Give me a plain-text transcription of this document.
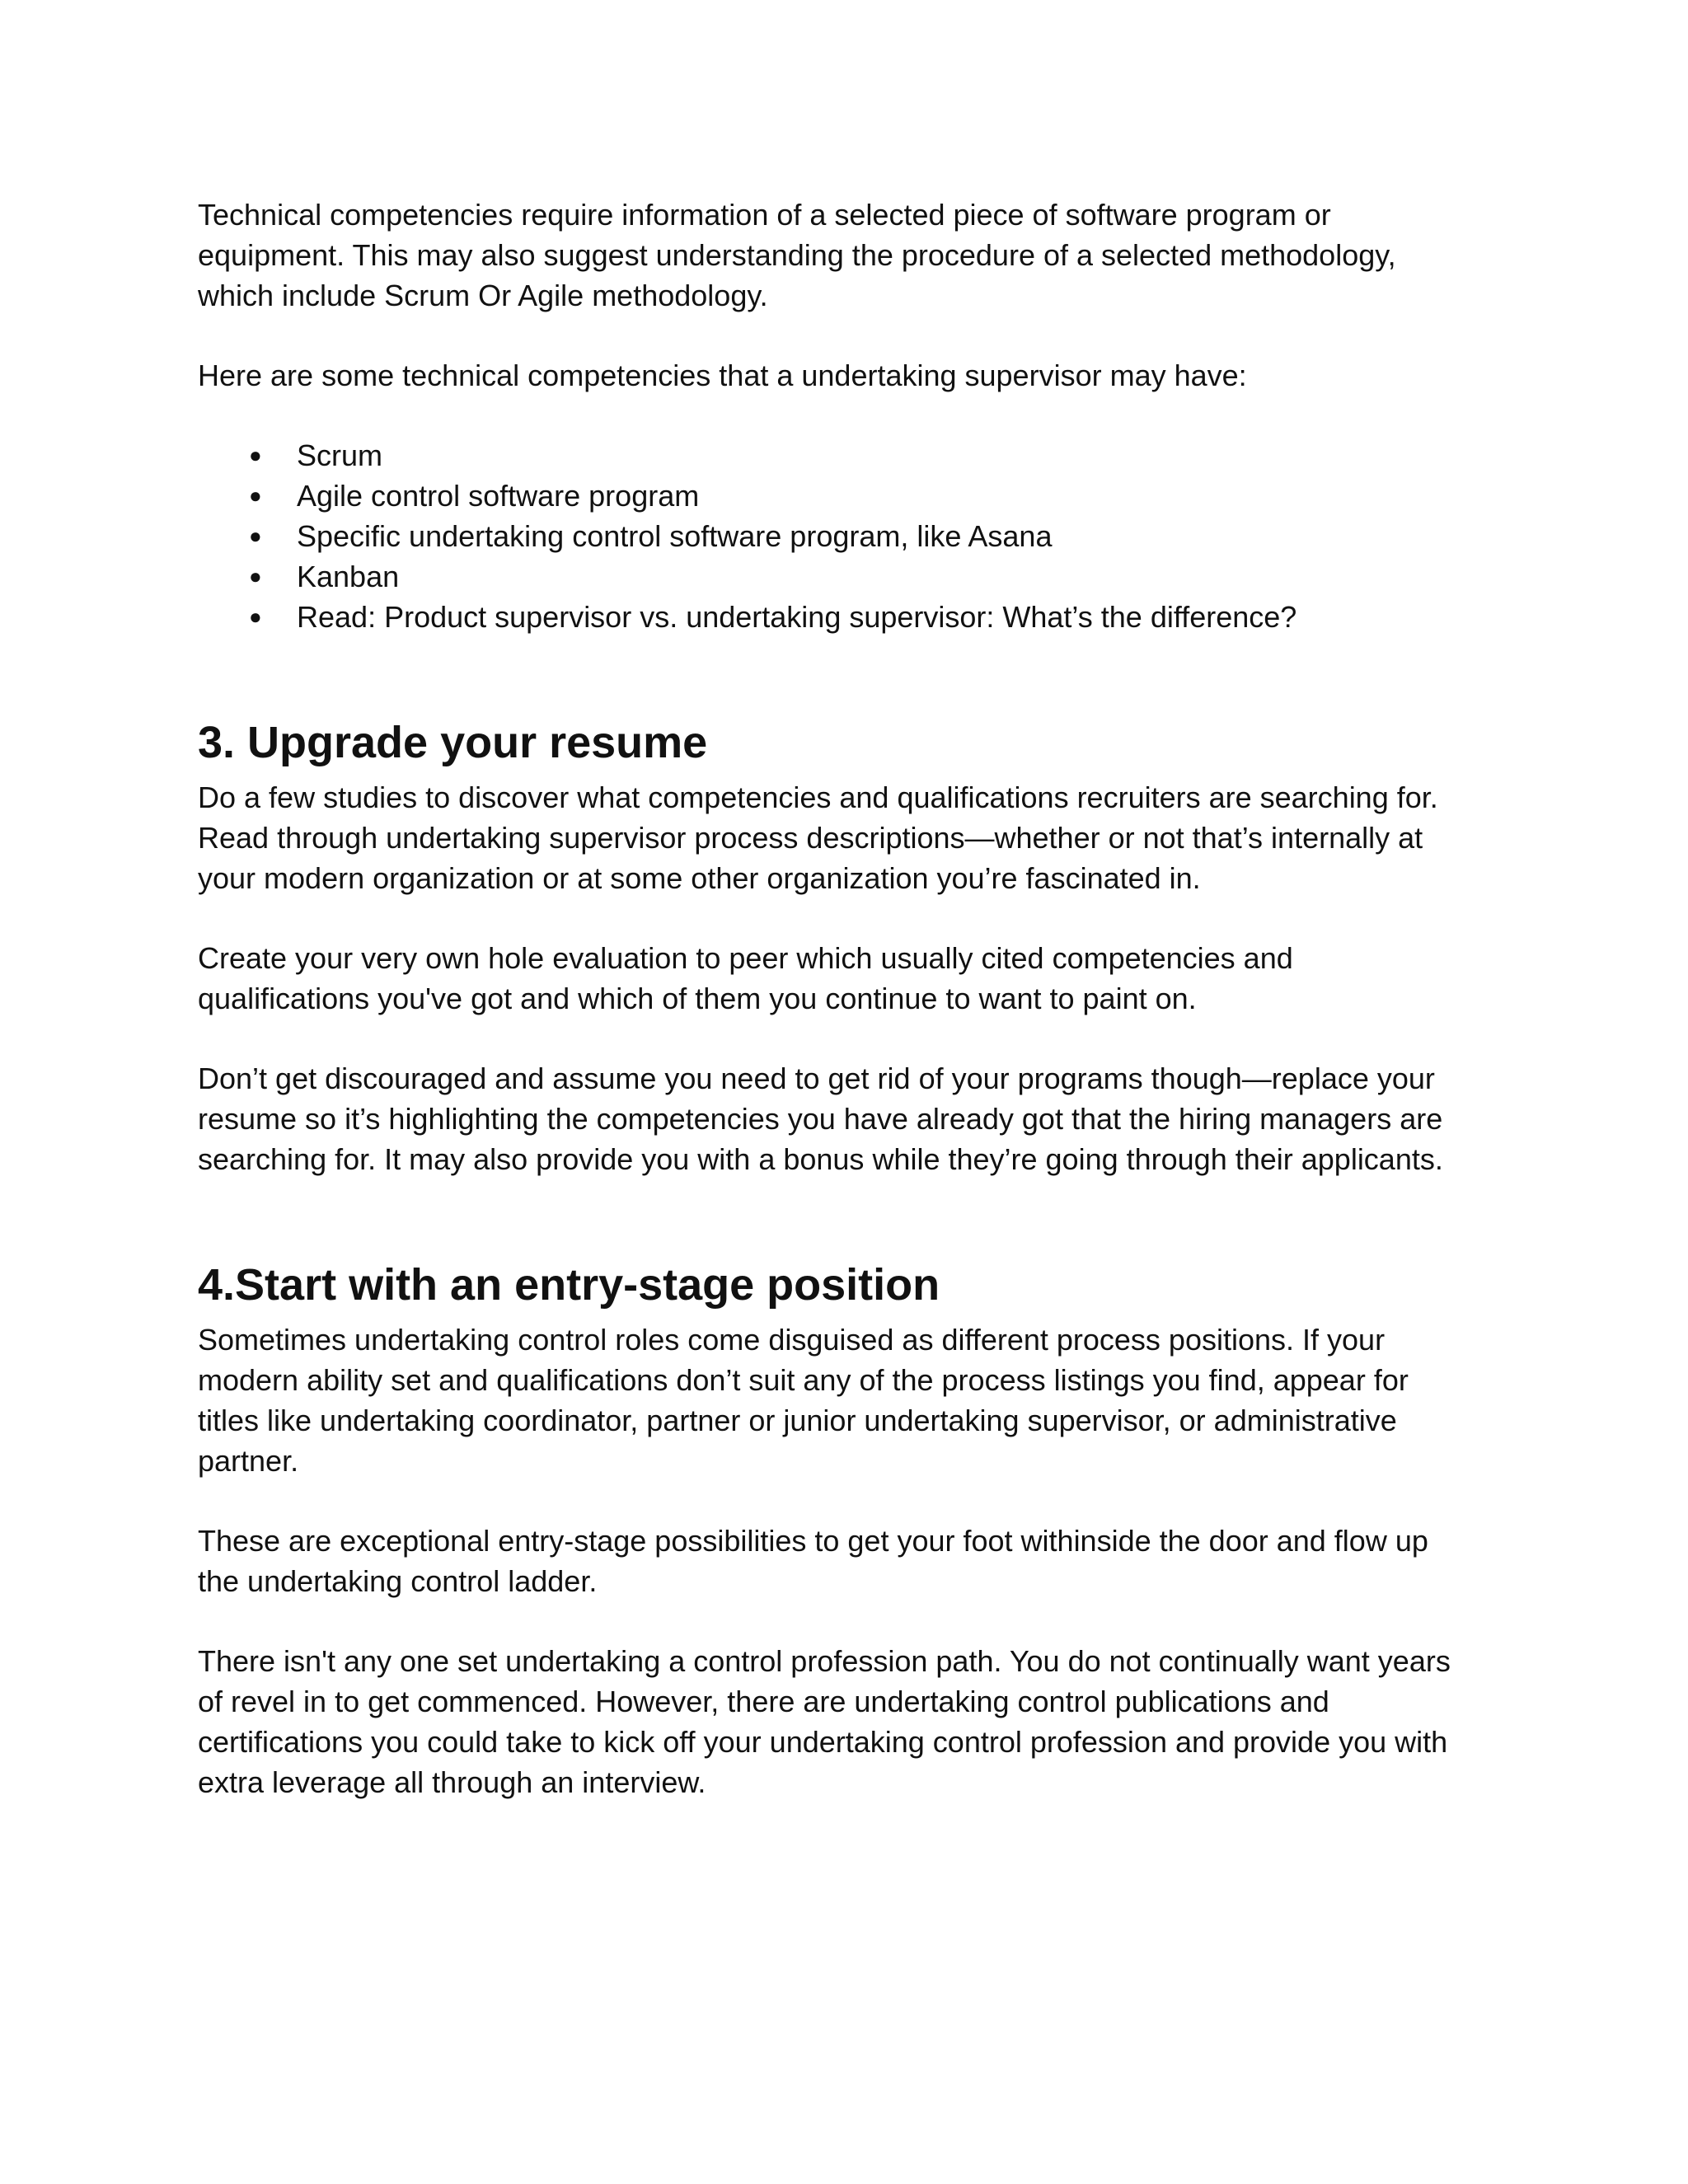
Technical competencies require information of a selected piece of software program or
equipment. This may also suggest understanding the procedure of a selected methodology,
which include Scrum Or Agile methodology.

Here are some technical competencies that a undertaking supervisor may have:

● Scrum
● Agile control software program
● Specific undertaking control software program, like Asana
● Kanban
● Read: Product supervisor vs. undertaking supervisor: What’s the difference?
3. Upgrade your resume

Do a few studies to discover what competencies and qualifications recruiters are searching for.
Read through undertaking supervisor process descriptions—whether or not that’s internally at
your modern organization or at some other organization you’re fascinated in.

Create your very own hole evaluation to peer which usually cited competencies and
qualifications you've got and which of them you continue to want to paint on.

Don’t get discouraged and assume you need to get rid of your programs though—replace your
resume so it’s highlighting the competencies you have already got that the hiring managers are
searching for. It may also provide you with a bonus while they’re going through their applicants.

4.Start with an entry-stage position

Sometimes undertaking control roles come disguised as different process positions. If your
modern ability set and qualifications don’t suit any of the process listings you find, appear for
titles like undertaking coordinator, partner or junior undertaking supervisor, or administrative
partner.

These are exceptional entry-stage possibilities to get your foot withinside the door and flow up
the undertaking control ladder.

There isn't any one set undertaking a control profession path. You do not continually want years
of revel in to get commenced. However, there are undertaking control publications and
certifications you could take to kick off your undertaking control profession and provide you with
extra leverage all through an interview.
